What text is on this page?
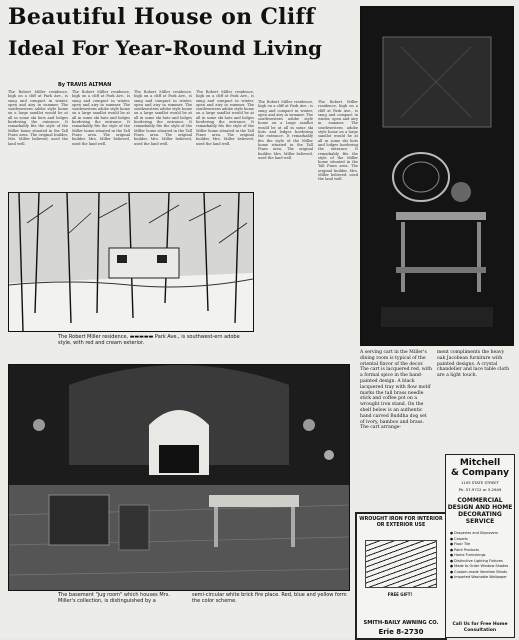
Beautiful House on Cliff
Ideal For Year-Round Living
By TRAVIS ALTMAN
The Robert Miller residence, high on a cliff at Park Ave., is snug and compact in winter, open and airy in summer. The southwestern adobe style home on a large sandlot would be at all in some ski huts and lodges bordering the entrance. It remarkably fits the style of the Miller home situated in the Tall Pines area. The original builder, Mrs. Miller believed, used the land well.
The Robert Miller residence, high on a cliff at Park Ave., is snug and compact in winter, open and airy in summer. The southwestern adobe style home on a large sandlot would be at all in some ski huts and lodges bordering the entrance. It remarkably fits the style of the Miller home situated in the Tall Pines area. The original builder, Mrs. Miller believed, used the land well.
The Robert Miller residence, high on a cliff at Park Ave., is snug and compact in winter, open and airy in summer. The southwestern adobe style home on a large sandlot would be at all in some ski huts and lodges bordering the entrance. It remarkably fits the style of the Miller home situated in the Tall Pines area. The original builder, Mrs. Miller believed, used the land well.
The Robert Miller residence, high on a cliff at Park Ave., is snug and compact in winter, open and airy in summer. The southwestern adobe style home on a large sandlot would be at all in some ski huts and lodges bordering the entrance. It remarkably fits the style of the Miller home situated in the Tall Pines area. The original builder, Mrs. Miller believed, used the land well.
The Robert Miller residence, high on a cliff at Park Ave., is snug and compact in winter, open and airy in summer. The southwestern adobe style home on a large sandlot would be at all in some ski huts and lodges bordering the entrance. It remarkably fits the style of the Miller home situated in the Tall Pines area. The original builder, Mrs. Miller believed, used the land well.
The Robert Miller residence, high on a cliff at Park Ave., is snug and compact in winter, open and airy in summer. The southwestern adobe style home on a large sandlot would be at all in some ski huts and lodges bordering the entrance. It remarkably fits the style of the Miller home situated in the Tall Pines area. The original builder, Mrs. Miller believed, used the land well.
The Robert Miller residence, ▬▬▬▬▬ Park Ave., is southwest-ern adobe style, with red and cream exterior.
The basement "jug room" which houses Mrs. Miller's collection, is distinguished by a
semi-circular white brick fire place. Red, blue and yellow form the color scheme.
A serving cart in the Miller's dining room is typical of the oriental flavor of the decor. The cart is lacquered red, with a formal spice in the hand-painted design. A black lacquered tray with flow motif marks the tall brass needle stick and coffee pot on a wrought iron stand. On the shelf below is an authentic hand carved Buddha dog set of ivory, bamboo and brass. The cart arrange-
ment compliments the heavy oak Jacobean furniture with painted designs. A crystal chandelier and lace table cloth are a light touch.
WROUGHT IRON FOR INTERIOR OR EXTERIOR USE
FREE GIFT!
SMITH-BAILY AWNING CO.
Erie 8-2730
Mitchell
& Company
1105 STATE STREET
Ph. 57-9712 or 5-2649
COMMERCIAL DESIGN AND HOME DECORATING SERVICE
● Draperies and Slipcovers
● Carpets
● Floor Tile
● Paint Products
● Home Furnishings
● Distinctive Lighting Fixtures
● Made to Order Window Shades
● Custom-made Venetian Blinds
● Imported Washable Wallpaper
Call Us for Free Home Consultation
